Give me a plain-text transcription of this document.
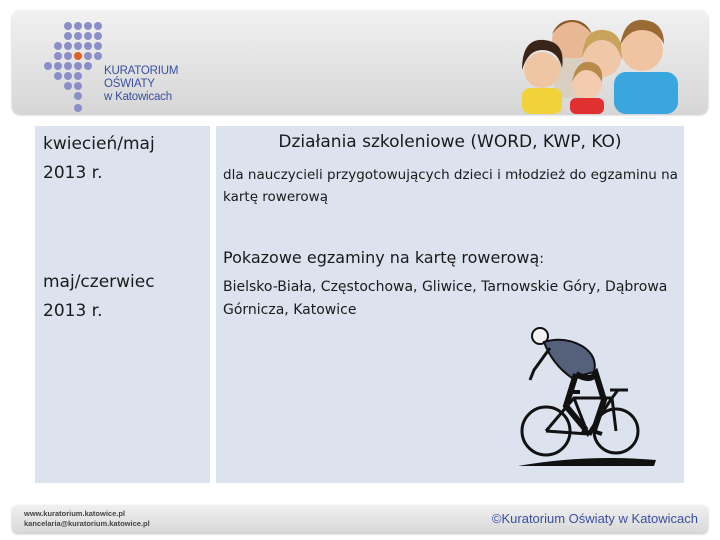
KURATORIUM
OŚWIATY
w Katowicach
kwiecień/maj
2013 r.
maj/czerwiec
2013 r.
Działania szkoleniowe (WORD, KWP, KO)
dla nauczycieli przygotowujących dzieci i młodzież do egzaminu na kartę rowerową
Pokazowe egzaminy na kartę rowerową:
Bielsko-Biała, Częstochowa, Gliwice, Tarnowskie Góry, Dąbrowa Górnicza, Katowice
www.kuratorium.katowice.pl
kancelaria@kuratorium.katowice.pl	©Kuratorium Oświaty w Katowicach
